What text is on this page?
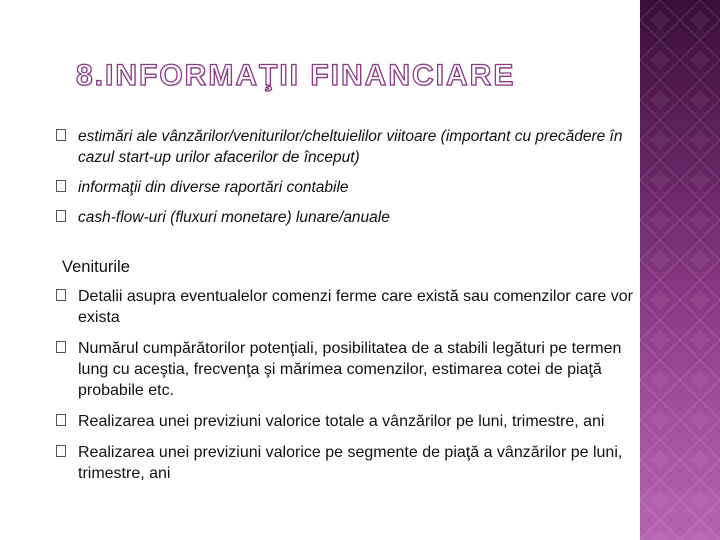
8.INFORMAŢII FINANCIARE
estimări ale vânzărilor/veniturilor/cheltuielilor viitoare (important cu precădere în cazul start-up urilor afacerilor de început)
informaţii din diverse raportări contabile
cash-flow-uri (fluxuri monetare) lunare/anuale
Veniturile
Detalii asupra eventualelor comenzi ferme care există sau comenzilor care vor exista
Numărul cumpărătorilor potenţiali, posibilitatea de a stabili legături pe termen lung cu aceştia, frecvenţa şi mărimea comenzilor, estimarea cotei de piaţă probabile etc.
Realizarea unei previziuni valorice totale a vânzărilor pe luni, trimestre, ani
Realizarea unei previziuni valorice pe segmente de piaţă a vânzărilor pe luni, trimestre, ani
